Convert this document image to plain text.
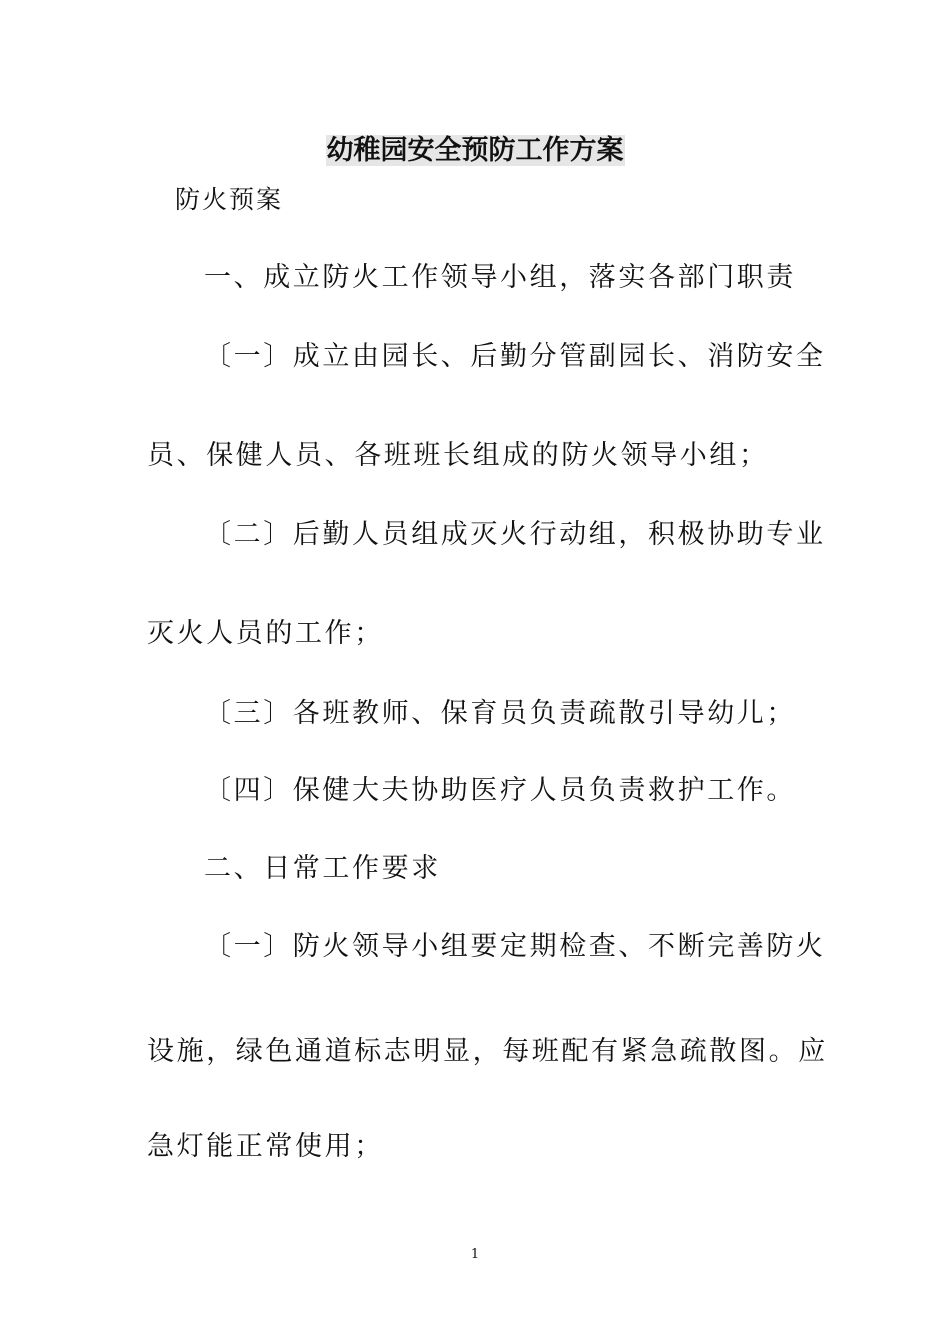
幼稚园安全预防工作方案
防火预案
一、成立防火工作领导小组，落实各部门职责
〔一〕成立由园长、后勤分管副园长、消防安全
员、保健人员、各班班长组成的防火领导小组；
〔二〕后勤人员组成灭火行动组，积极协助专业
灭火人员的工作；
〔三〕各班教师、保育员负责疏散引导幼儿；
〔四〕保健大夫协助医疗人员负责救护工作。
二、日常工作要求
〔一〕防火领导小组要定期检查、不断完善防火
设施，绿色通道标志明显，每班配有紧急疏散图。应
急灯能正常使用；
1
